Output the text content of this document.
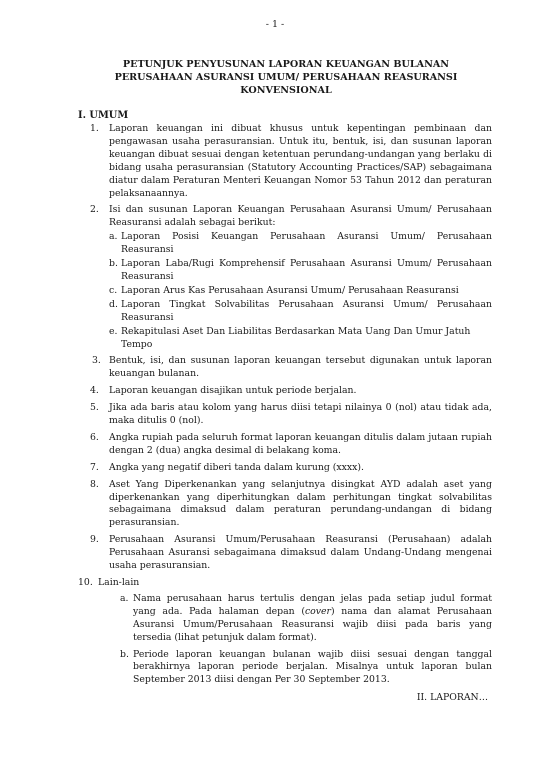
- 1 -
PETUNJUK PENYUSUNAN LAPORAN KEUANGAN BULANAN
PERUSAHAAN ASURANSI UMUM/ PERUSAHAAN REASURANSI
KONVENSIONAL
I. UMUM
1. Laporan keuangan ini dibuat khusus untuk kepentingan pembinaan dan pengawasan usaha perasuransian. Untuk itu, bentuk, isi, dan susunan laporan keuangan dibuat sesuai dengan ketentuan perundang-undangan yang berlaku di bidang usaha perasuransian (Statutory Accounting Practices/SAP) sebagaimana diatur dalam Peraturan Menteri Keuangan Nomor 53 Tahun 2012 dan peraturan pelaksanaannya.
2. Isi dan susunan Laporan Keuangan Perusahaan Asuransi Umum/ Perusahaan Reasuransi adalah sebagai berikut:
a. Laporan Posisi Keuangan Perusahaan Asuransi Umum/ Perusahaan Reasuransi
b. Laporan Laba/Rugi Komprehensif Perusahaan Asuransi Umum/ Perusahaan Reasuransi
c. Laporan Arus Kas Perusahaan Asuransi Umum/ Perusahaan Reasuransi
d. Laporan Tingkat Solvabilitas Perusahaan Asuransi Umum/ Perusahaan Reasuransi
e. Rekapitulasi Aset Dan Liabilitas Berdasarkan Mata Uang Dan Umur Jatuh Tempo
3. Bentuk, isi, dan susunan laporan keuangan tersebut digunakan untuk laporan keuangan bulanan.
4. Laporan keuangan disajikan untuk periode berjalan.
5. Jika ada baris atau kolom yang harus diisi tetapi nilainya 0 (nol) atau tidak ada, maka ditulis 0 (nol).
6. Angka rupiah pada seluruh format laporan keuangan ditulis dalam jutaan rupiah dengan 2 (dua) angka desimal di belakang koma.
7. Angka yang negatif diberi tanda dalam kurung (xxxx).
8. Aset Yang Diperkenankan yang selanjutnya disingkat AYD adalah aset yang diperkenankan yang diperhitungkan dalam perhitungan tingkat solvabilitas sebagaimana dimaksud dalam peraturan perundang-undangan di bidang perasuransian.
9. Perusahaan Asuransi Umum/Perusahaan Reasuransi (Perusahaan) adalah Perusahaan Asuransi sebagaimana dimaksud dalam Undang-Undang mengenai usaha perasuransian.
10. Lain-lain
a. Nama perusahaan harus tertulis dengan jelas pada setiap judul format yang ada. Pada halaman depan (cover) nama dan alamat Perusahaan Asuransi Umum/Perusahaan Reasuransi wajib diisi pada baris yang tersedia (lihat petunjuk dalam format).
b. Periode laporan keuangan bulanan wajib diisi sesuai dengan tanggal berakhirnya laporan periode berjalan. Misalnya untuk laporan bulan September 2013 diisi dengan Per 30 September 2013.
II. LAPORAN…
